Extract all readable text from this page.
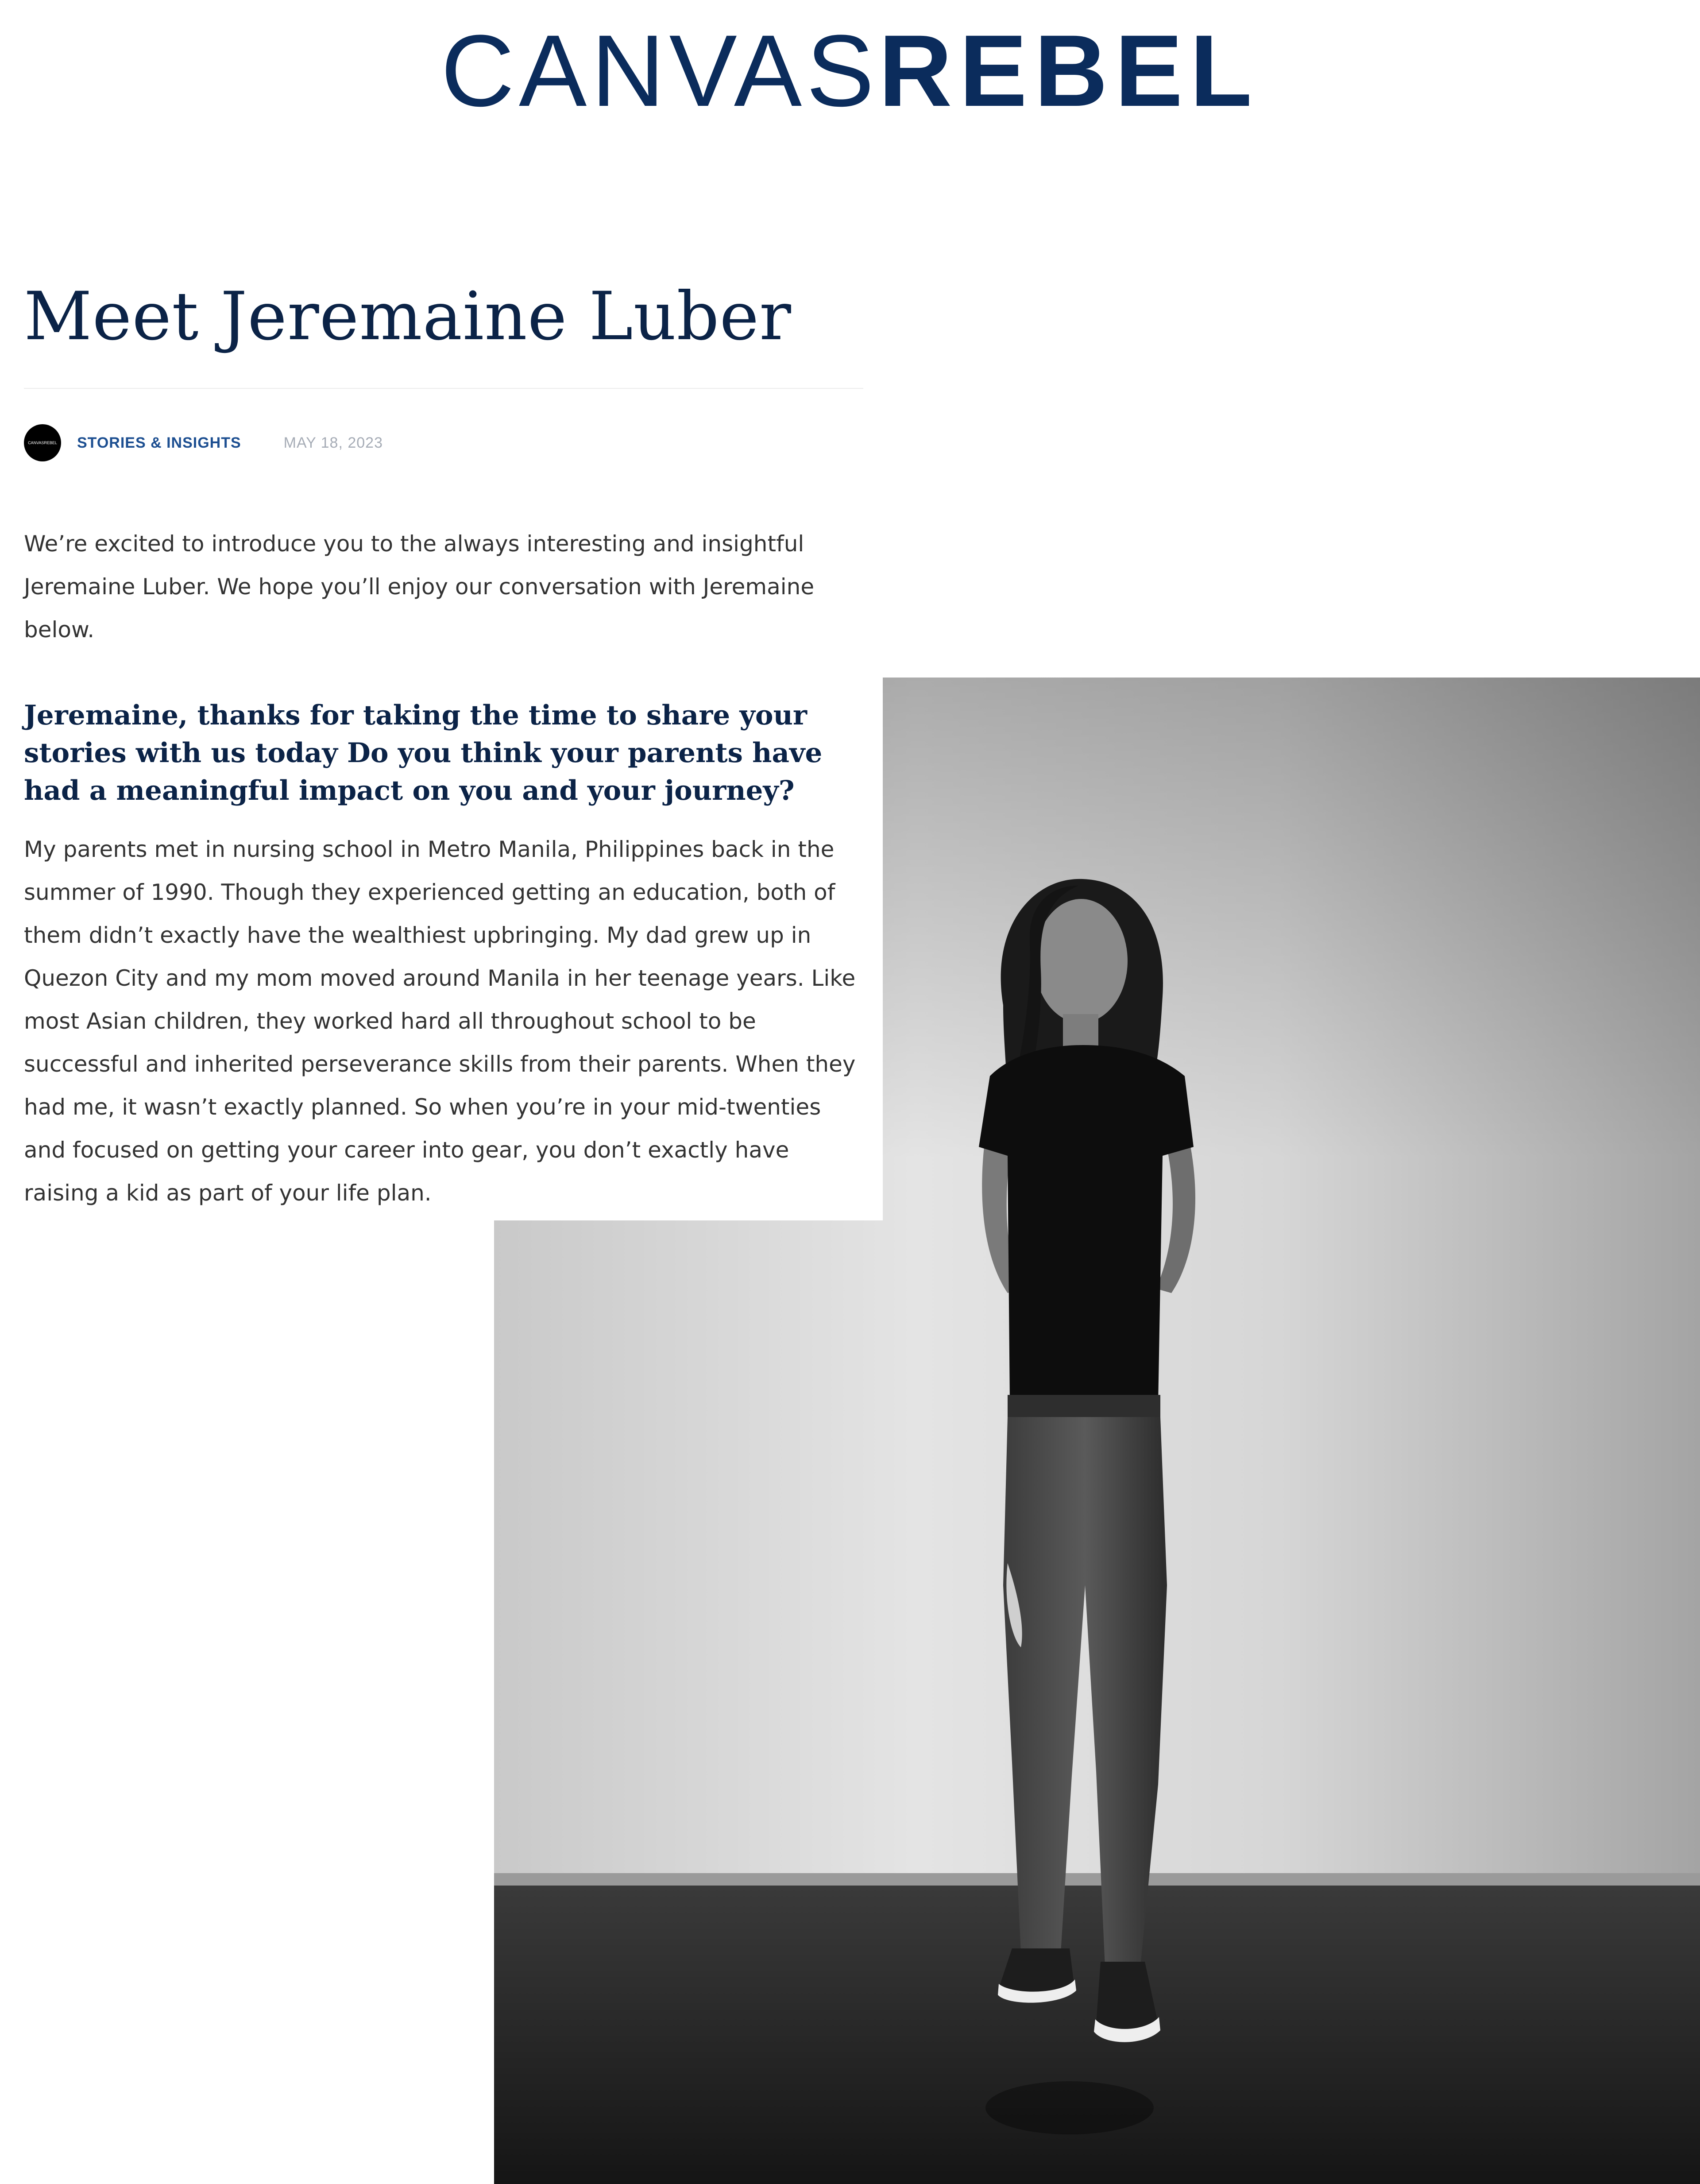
CANVASREBEL
Meet Jeremaine Luber
CANVASREBEL STORIES & INSIGHTS	MAY 18, 2023

We’re excited to introduce you to the always interesting and insightful Jeremaine Luber. We hope you’ll enjoy our conversation with Jeremaine below.

Jeremaine, thanks for taking the time to share your stories with us today Do you think your parents have had a meaningful impact on you and your journey?

My parents met in nursing school in Metro Manila, Philippines back in the summer of 1990. Though they experienced getting an education, both of them didn’t exactly have the wealthiest upbringing. My dad grew up in Quezon City and my mom moved around Manila in her teenage years. Like most Asian children, they worked hard all throughout school to be successful and inherited perseverance skills from their parents. When they had me, it wasn’t exactly planned. So when you’re in your mid-twenties and focused on getting your career into gear, you don’t exactly have raising a kid as part of your life plan.
